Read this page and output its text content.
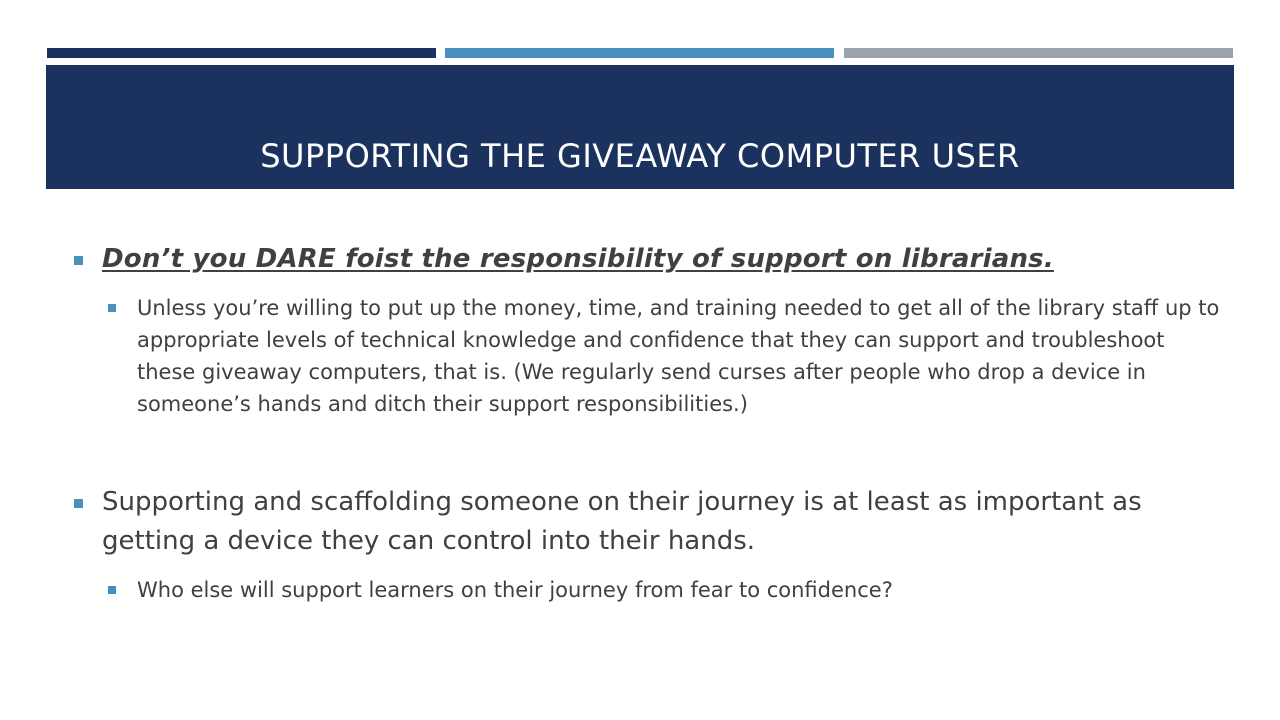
SUPPORTING THE GIVEAWAY COMPUTER USER
Don’t you DARE foist the responsibility of support on librarians.
Unless you’re willing to put up the money, time, and training needed to get all of the library staff up to appropriate levels of technical knowledge and confidence that they can support and troubleshoot these giveaway computers, that is. (We regularly send curses after people who drop a device in someone’s hands and ditch their support responsibilities.)
Supporting and scaffolding someone on their journey is at least as important as getting a device they can control into their hands.
Who else will support learners on their journey from fear to confidence?
